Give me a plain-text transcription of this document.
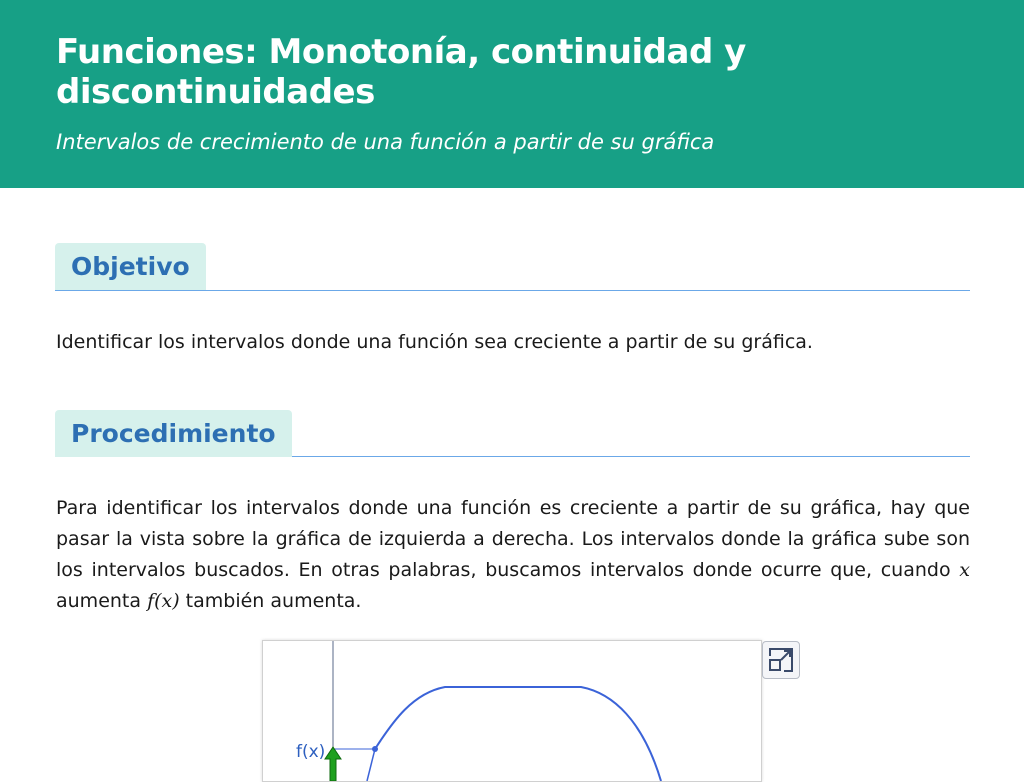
Funciones: Monotonía, continuidad y discontinuidades

Intervalos de crecimiento de una función a partir de su gráfica

Objetivo

Identificar los intervalos donde una función sea creciente a partir de su gráfica.

Procedimiento

Para identificar los intervalos donde una función es creciente a partir de su gráfica, hay que pasar la vista sobre la gráfica de izquierda a derecha. Los intervalos donde la gráfica sube son los intervalos buscados. En otras palabras, buscamos intervalos donde ocurre que, cuando x aumenta f(x) también aumenta.

f(x)
